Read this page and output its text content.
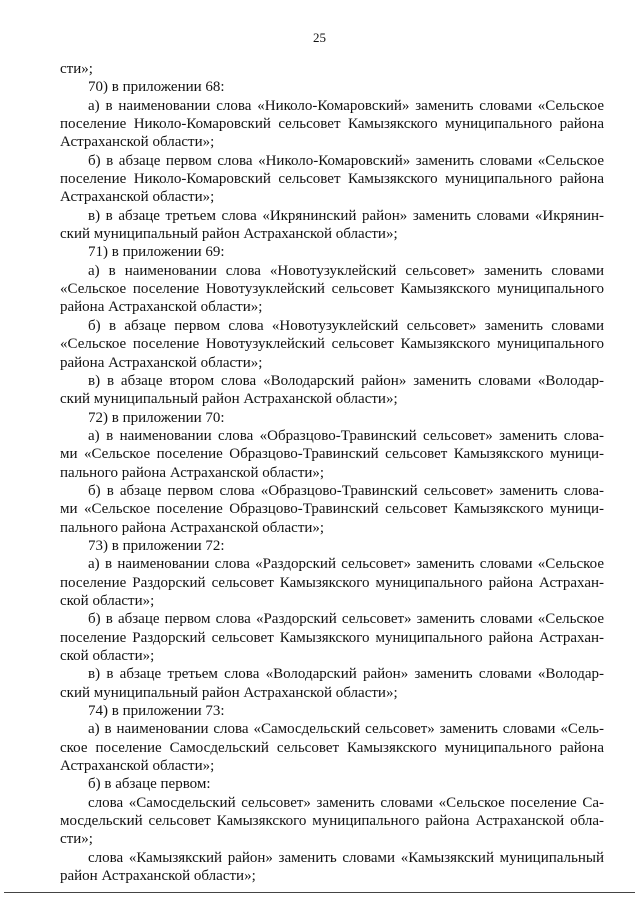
25
сти»;
70) в приложении 68:
а) в наименовании слова «Николо-Комаровский» заменить словами «Сельское
поселение Николо-Комаровский сельсовет Камызякского муниципального района
Астраханской области»;
б) в абзаце первом слова «Николо-Комаровский» заменить словами «Сельское
поселение Николо-Комаровский сельсовет Камызякского муниципального района
Астраханской области»;
в) в абзаце третьем слова «Икрянинский район» заменить словами «Икрянин-
ский муниципальный район Астраханской области»;
71) в приложении 69:
а) в наименовании слова «Новотузуклейский сельсовет» заменить словами
«Сельское поселение Новотузуклейский сельсовет Камызякского муниципального
района Астраханской области»;
б) в абзаце первом слова «Новотузуклейский сельсовет» заменить словами
«Сельское поселение Новотузуклейский сельсовет Камызякского муниципального
района Астраханской области»;
в) в абзаце втором слова «Володарский район» заменить словами «Володар-
ский муниципальный район Астраханской области»;
72) в приложении 70:
а) в наименовании слова «Образцово-Травинский сельсовет» заменить слова-
ми «Сельское поселение Образцово-Травинский сельсовет Камызякского муници-
пального района Астраханской области»;
б) в абзаце первом слова «Образцово-Травинский сельсовет» заменить слова-
ми «Сельское поселение Образцово-Травинский сельсовет Камызякского муници-
пального района Астраханской области»;
73) в приложении 72:
а) в наименовании слова «Раздорский сельсовет» заменить словами «Сельское
поселение Раздорский сельсовет Камызякского муниципального района Астрахан-
ской области»;
б) в абзаце первом слова «Раздорский сельсовет» заменить словами «Сельское
поселение Раздорский сельсовет Камызякского муниципального района Астрахан-
ской области»;
в) в абзаце третьем слова «Володарский район» заменить словами «Володар-
ский муниципальный район Астраханской области»;
74) в приложении 73:
а) в наименовании слова «Самосдельский сельсовет» заменить словами «Сель-
ское поселение Самосдельский сельсовет Камызякского муниципального района
Астраханской области»;
б) в абзаце первом:
слова «Самосдельский сельсовет» заменить словами «Сельское поселение Са-
мосдельский сельсовет Камызякского муниципального района Астраханской обла-
сти»;
слова «Камызякский район» заменить словами «Камызякский муниципальный
район Астраханской области»;
